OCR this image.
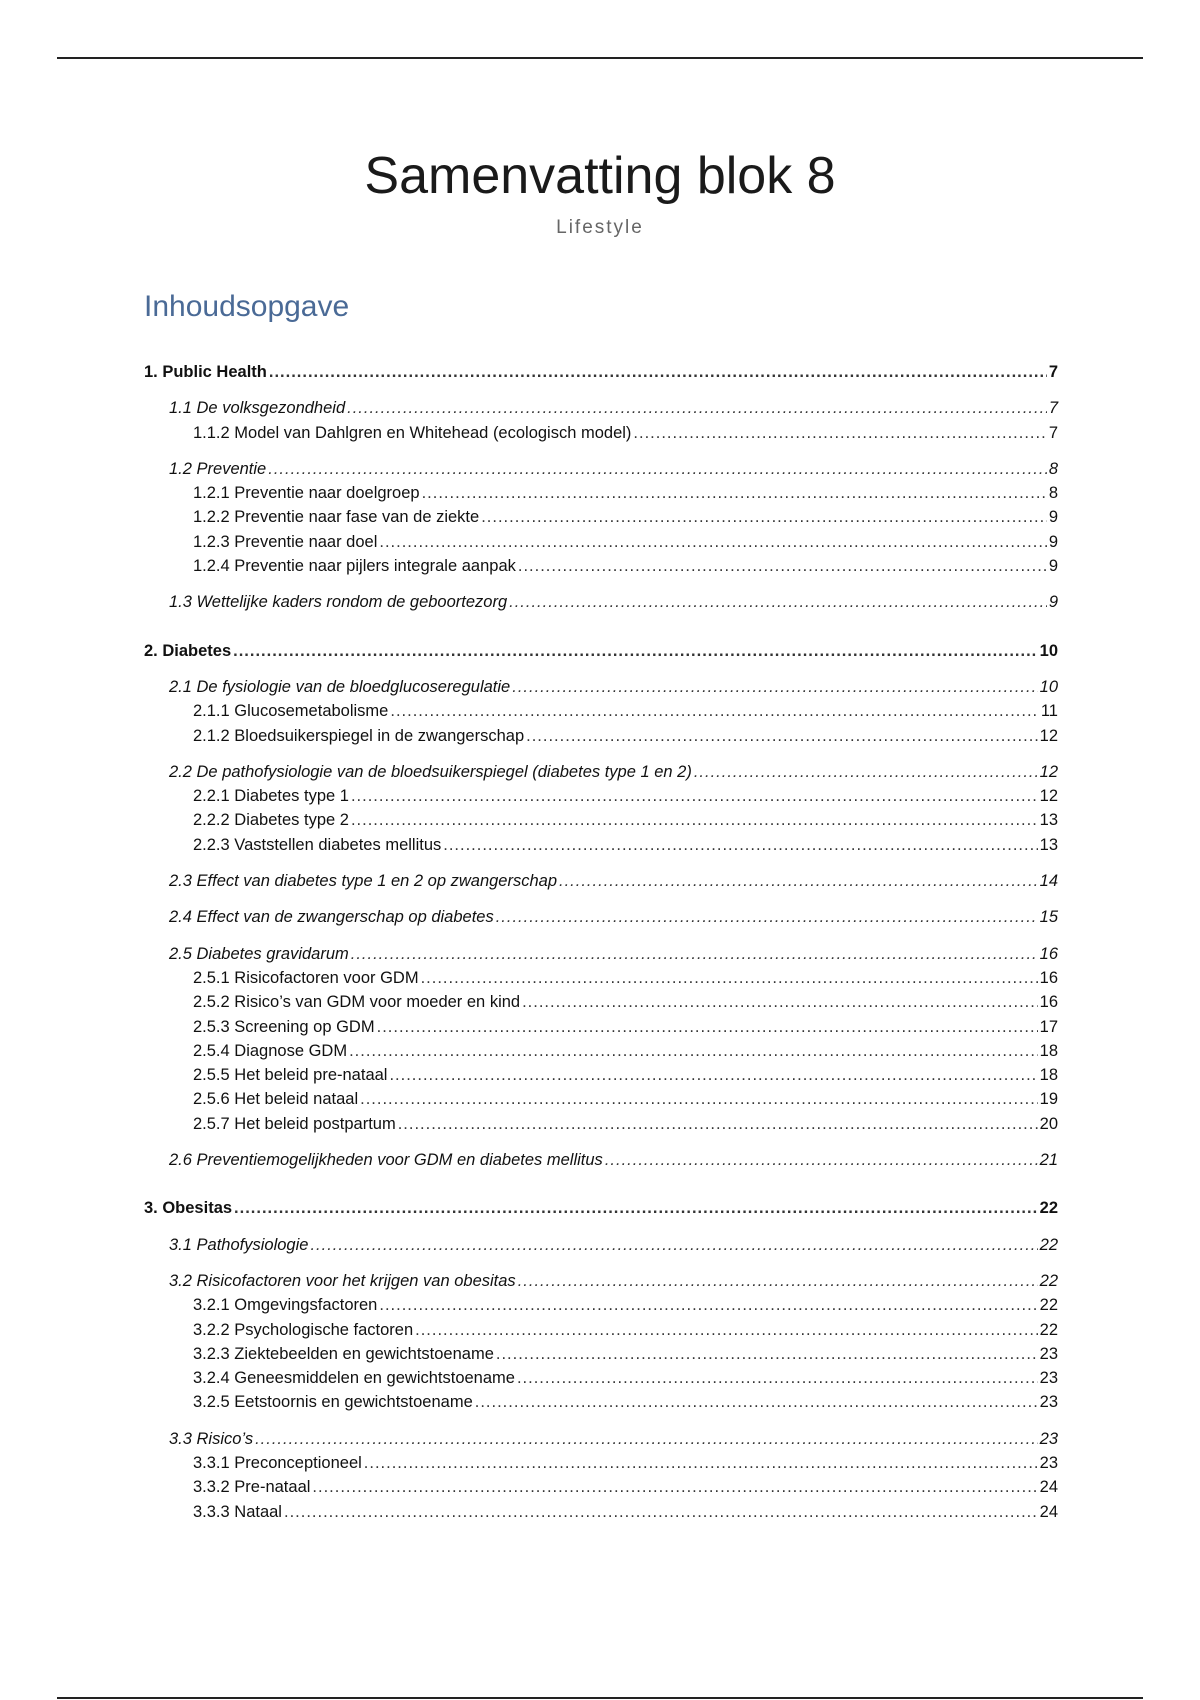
Samenvatting blok 8
Lifestyle
Inhoudsopgave
1. Public Health .....	7
1.1 De volksgezondheid .....	7
1.1.2 Model van Dahlgren en Whitehead (ecologisch model) .....	7
1.2 Preventie .....	8
1.2.1 Preventie naar doelgroep .....	8
1.2.2 Preventie naar fase van de ziekte .....	9
1.2.3 Preventie naar doel .....	9
1.2.4 Preventie naar pijlers integrale aanpak .....	9
1.3 Wettelijke kaders rondom de geboortezorg .....	9
2. Diabetes .....	10
2.1 De fysiologie van de bloedglucoseregulatie .....	10
2.1.1 Glucosemetabolisme .....	11
2.1.2 Bloedsuikerspiegel in de zwangerschap .....	12
2.2 De pathofysiologie van de bloedsuikerspiegel (diabetes type 1 en 2) .....	12
2.2.1 Diabetes type 1 .....	12
2.2.2 Diabetes type 2 .....	13
2.2.3 Vaststellen diabetes mellitus .....	13
2.3 Effect van diabetes type 1 en 2 op zwangerschap .....	14
2.4 Effect van de zwangerschap op diabetes .....	15
2.5 Diabetes gravidarum .....	16
2.5.1 Risicofactoren voor GDM .....	16
2.5.2 Risico’s van GDM voor moeder en kind .....	16
2.5.3 Screening op GDM .....	17
2.5.4 Diagnose GDM .....	18
2.5.5 Het beleid pre-nataal .....	18
2.5.6 Het beleid nataal .....	19
2.5.7 Het beleid postpartum .....	20
2.6 Preventiemogelijkheden voor GDM en diabetes mellitus .....	21
3. Obesitas .....	22
3.1 Pathofysiologie .....	22
3.2 Risicofactoren voor het krijgen van obesitas .....	22
3.2.1 Omgevingsfactoren .....	22
3.2.2 Psychologische factoren .....	22
3.2.3 Ziektebeelden en gewichtstoename .....	23
3.2.4 Geneesmiddelen en gewichtstoename .....	23
3.2.5 Eetstoornis en gewichtstoename .....	23
3.3 Risico’s .....	23
3.3.1 Preconceptioneel .....	23
3.3.2 Pre-nataal .....	24
3.3.3 Nataal .....	24
